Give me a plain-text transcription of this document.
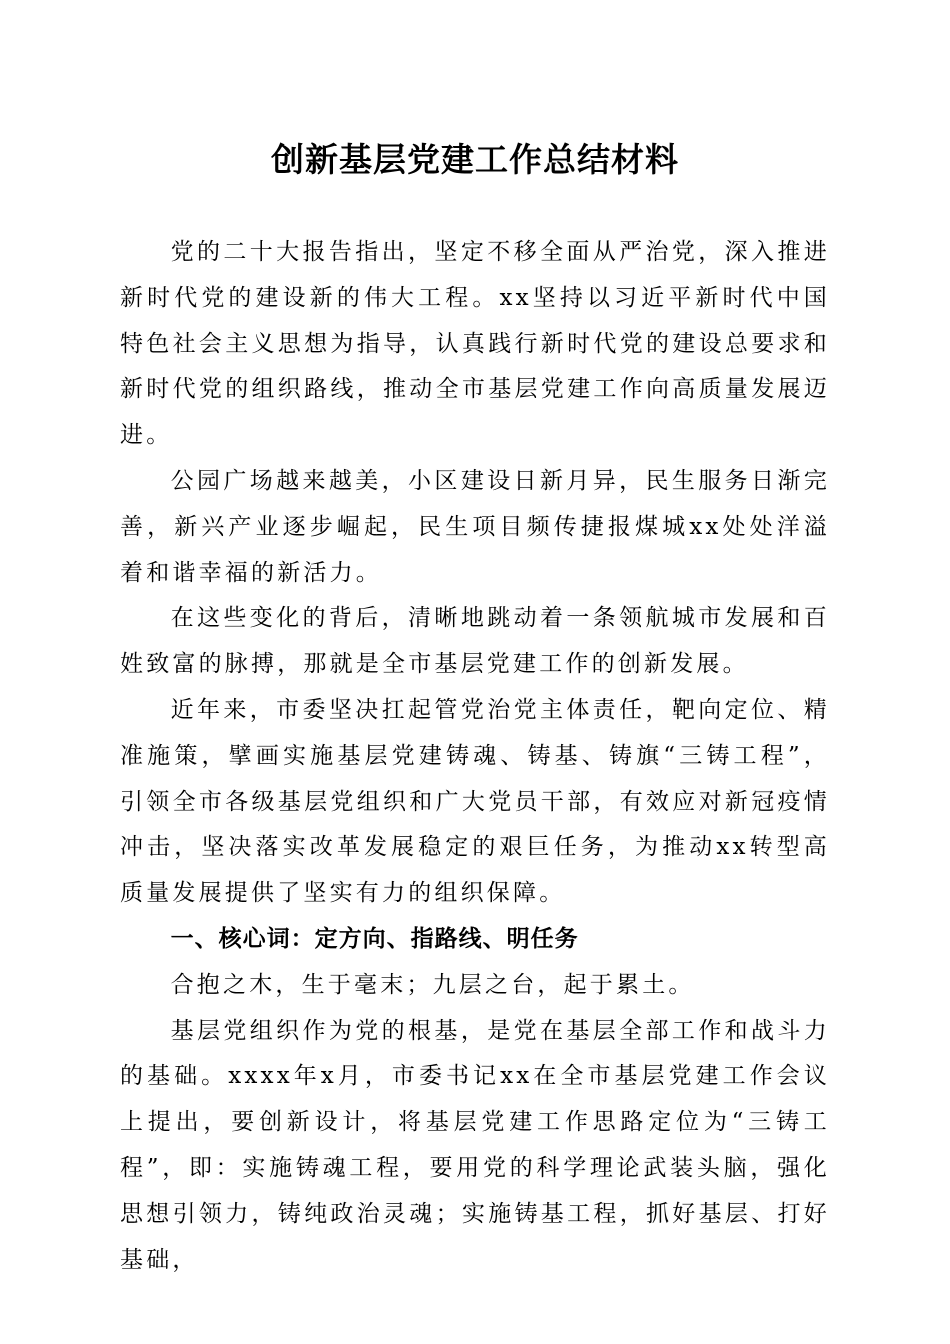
创新基层党建工作总结材料

党的二十大报告指出，坚定不移全面从严治党，深入推进新时代党的建设新的伟大工程。xx坚持以习近平新时代中国特色社会主义思想为指导，认真践行新时代党的建设总要求和新时代党的组织路线，推动全市基层党建工作向高质量发展迈进。

公园广场越来越美，小区建设日新月异，民生服务日渐完善，新兴产业逐步崛起，民生项目频传捷报煤城xx处处洋溢着和谐幸福的新活力。

在这些变化的背后，清晰地跳动着一条领航城市发展和百姓致富的脉搏，那就是全市基层党建工作的创新发展。

近年来，市委坚决扛起管党治党主体责任，靶向定位、精准施策，擘画实施基层党建铸魂、铸基、铸旗“三铸工程”，引领全市各级基层党组织和广大党员干部，有效应对新冠疫情冲击，坚决落实改革发展稳定的艰巨任务，为推动xx转型高质量发展提供了坚实有力的组织保障。

一、核心词：定方向、指路线、明任务

合抱之木，生于毫末；九层之台，起于累土。

基层党组织作为党的根基，是党在基层全部工作和战斗力的基础。xxxx年x月，市委书记xx在全市基层党建工作会议上提出，要创新设计，将基层党建工作思路定位为“三铸工程”，即：实施铸魂工程，要用党的科学理论武装头脑，强化思想引领力，铸纯政治灵魂；实施铸基工程，抓好基层、打好基础，
